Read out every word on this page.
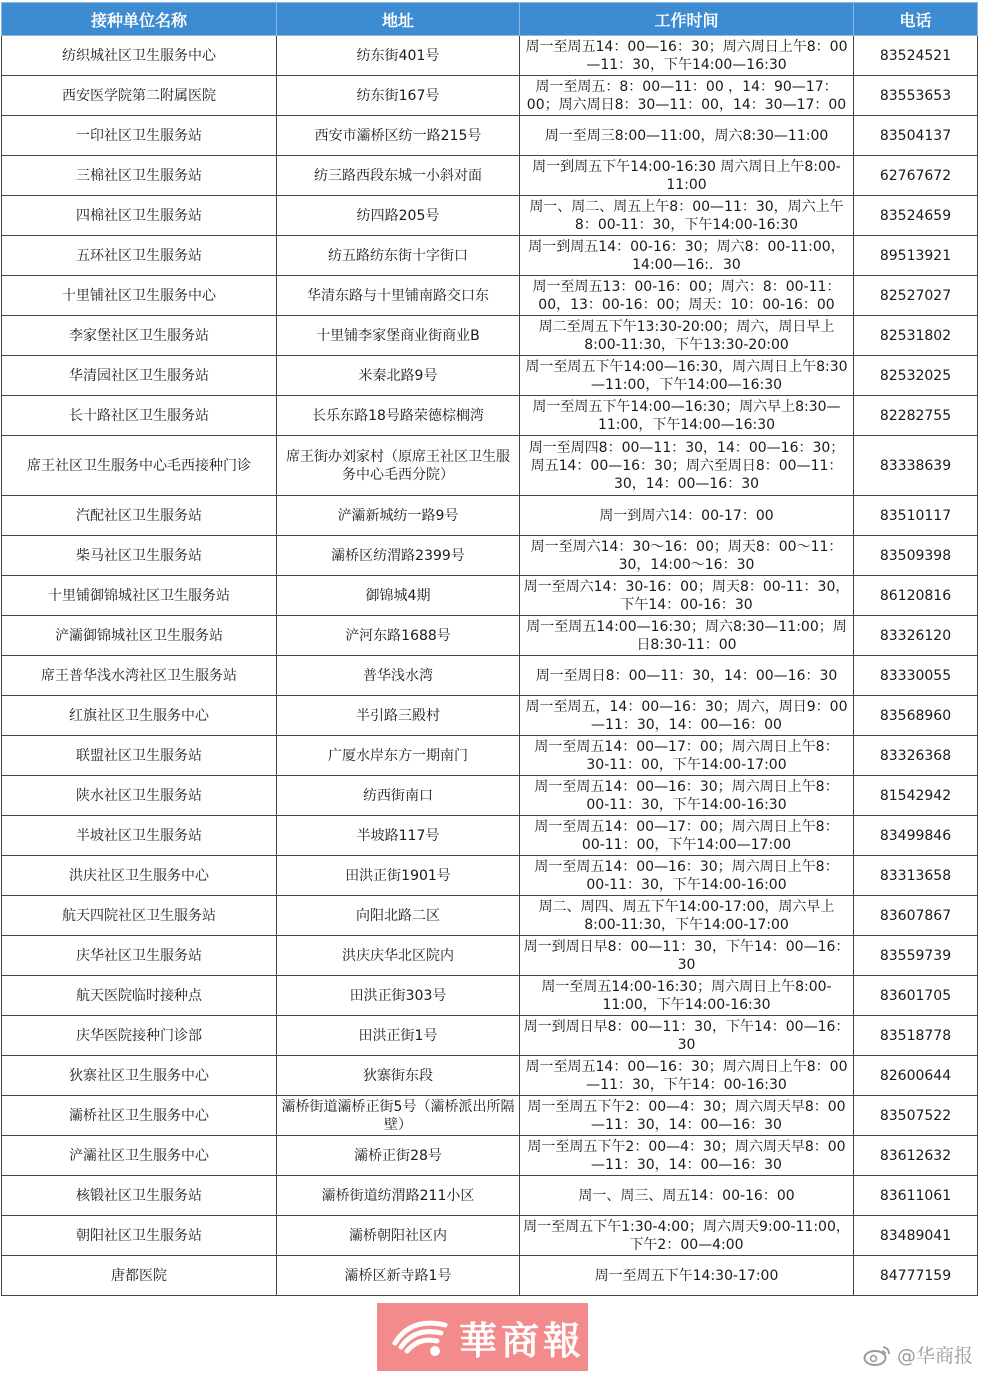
接种单位名称	地址	工作时间	电话
纺织城社区卫生服务中心	纺东街401号	周一至周五14：00—16：30；周六周日上午8：00—11：30，下午14:00—16:30	83524521
西安医学院第二附属医院	纺东街167号	周一至周五：8：00—11：00 ，14：90—17：00；周六周日8：30—11：00，14：30—17：00	83553653
一印社区卫生服务站	西安市灞桥区纺一路215号	周一至周三8:00—11:00，周六8:30—11:00	83504137
三棉社区卫生服务站	纺三路西段东城一小斜对面	周一到周五下午14:00-16:30 周六周日上午8:00-11:00	62767672
四棉社区卫生服务站	纺四路205号	周一、周二、周五上午8：00—11：30，周六上午8：00-11：30，下午14:00-16:30	83524659
五环社区卫生服务站	纺五路纺东街十字街口	周一到周五14：00-16：30；周六8：00-11:00，14:00—16:．30	89513921
十里铺社区卫生服务中心	华清东路与十里铺南路交口东	周一至周五13：00-16：00；周六：8：00-11：00，13：00-16：00；周天：10：00-16：00	82527027
李家堡社区卫生服务站	十里铺李家堡商业街商业B	周二至周五下午13:30-20:00；周六，周日早上8:00-11:30，下午13:30-20:00	82531802
华清园社区卫生服务站	米秦北路9号	周一至周五下午14:00—16:30，周六周日上午8:30—11:00，下午14:00—16:30	82532025
长十路社区卫生服务站	长乐东路18号路荣德棕榈湾	周一至周五下午14:00—16:30；周六早上8:30—11:00，下午14:00—16:30	82282755
席王社区卫生服务中心毛西接种门诊	席王街办刘家村（原席王社区卫生服务中心毛西分院）	周一至周四8：00—11：30，14：00—16：30；周五14：00—16：30；周六至周日8：00—11：30，14：00—16：30	83338639
汽配社区卫生服务站	浐灞新城纺一路9号	周一到周六14：00-17：00	83510117
柴马社区卫生服务站	灞桥区纺渭路2399号	周一至周六14：30～16：00；周天8：00～11：30，14:00～16：30	83509398
十里铺御锦城社区卫生服务站	御锦城4期	周一至周六14：30-16：00；周天8：00-11：30，下午14：00-16：30	86120816
浐灞御锦城社区卫生服务站	浐河东路1688号	周一至周五14:00—16:30；周六8:30—11:00；周日8:30-11：00	83326120
席王普华浅水湾社区卫生服务站	普华浅水湾	周一至周日8：00—11：30，14：00—16：30	83330055
红旗社区卫生服务中心	半引路三殿村	周一至周五，14：00—16：30；周六，周日9：00—11：30，14：00—16：00	83568960
联盟社区卫生服务站	广厦水岸东方一期南门	周一至周五14：00—17：00；周六周日上午8：30-11：00，下午14:00-17:00	83326368
陕水社区卫生服务站	纺西街南口	周一至周五14：00—16：30；周六周日上午8：00-11：30，下午14:00-16:30	81542942
半坡社区卫生服务站	半坡路117号	周一至周五14：00—17：00；周六周日上午8：00-11：00，下午14:00—17:00	83499846
洪庆社区卫生服务中心	田洪正街1901号	周一至周五14：00—16：30；周六周日上午8：00-11：30，下午14:00-16:00	83313658
航天四院社区卫生服务站	向阳北路二区	周二、周四、周五下午14:00-17:00，周六早上8:00-11:30，下午14:00-17:00	83607867
庆华社区卫生服务站	洪庆庆华北区院内	周一到周日早8：00—11：30，下午14：00—16：30	83559739
航天医院临时接种点	田洪正街303号	周一至周五14:00-16:30；周六周日上午8:00-11:00，下午14:00-16:30	83601705
庆华医院接种门诊部	田洪正街1号	周一到周日早8：00—11：30，下午14：00—16：30	83518778
狄寨社区卫生服务中心	狄寨街东段	周一至周五14：00—16：30；周六周日上午8：00—11：30，下午14：00-16:30	82600644
灞桥社区卫生服务中心	灞桥街道灞桥正街5号（灞桥派出所隔壁）	周一至周五下午2：00—4：30；周六周天早8：00—11：30，14：00—16：30	83507522
浐灞社区卫生服务中心	灞桥正街28号	周一至周五下午2：00—4：30；周六周天早8：00—11：30，14：00—16：30	83612632
核锻社区卫生服务站	灞桥街道纺渭路211小区	周一、周三、周五14：00-16：00	83611061
朝阳社区卫生服务站	灞桥朝阳社区内	周一至周五下午1:30-4:00；周六周天9:00-11:00，下午2：00—4:00	83489041
唐都医院	灞桥区新寺路1号	周一至周五下午14:30-17:00	84777159
華商報	@华商报
